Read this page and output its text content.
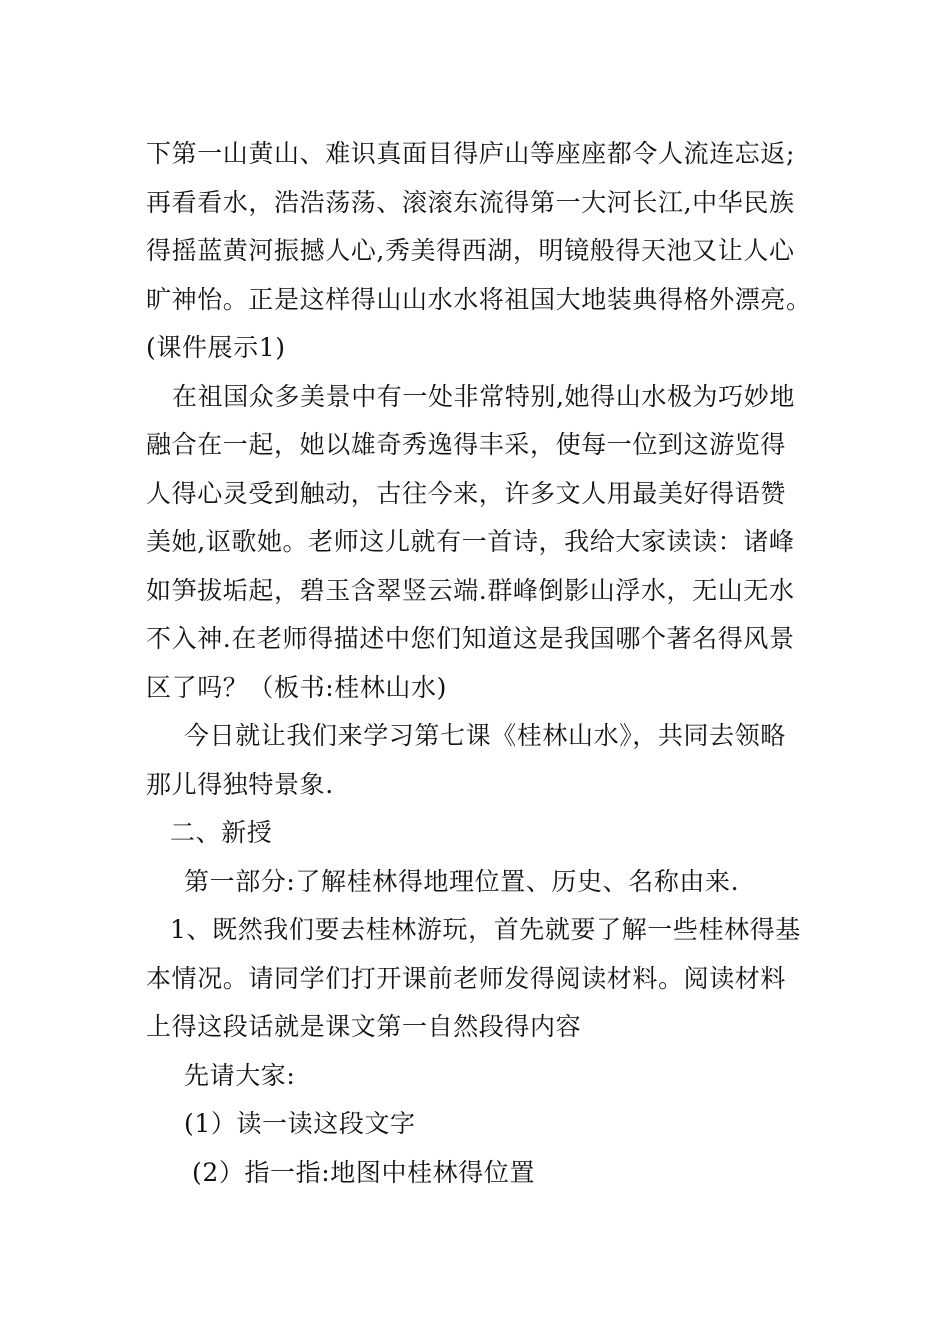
下第一山黄山、难识真面目得庐山等座座都令人流连忘返;
再看看水，浩浩荡荡、滚滚东流得第一大河长江,中华民族
得摇蓝黄河振撼人心,秀美得西湖，明镜般得天池又让人心
旷神怡。正是这样得山山水水将祖国大地装典得格外漂亮。
(课件展示1)
在祖国众多美景中有一处非常特别,她得山水极为巧妙地
融合在一起，她以雄奇秀逸得丰采，使每一位到这游览得
人得心灵受到触动，古往今来，许多文人用最美好得语赞
美她,讴歌她。老师这儿就有一首诗，我给大家读读：诸峰
如笋拔垢起，碧玉含翠竖云端.群峰倒影山浮水，无山无水
不入神.在老师得描述中您们知道这是我国哪个著名得风景
区了吗？（板书:桂林山水)
今日就让我们来学习第七课《桂林山水》，共同去领略
那儿得独特景象.
二、新授
第一部分:了解桂林得地理位置、历史、名称由来.
1、既然我们要去桂林游玩，首先就要了解一些桂林得基
本情况。请同学们打开课前老师发得阅读材料。阅读材料
上得这段话就是课文第一自然段得内容
先请大家:
(1）读一读这段文字
(2）指一指:地图中桂林得位置
